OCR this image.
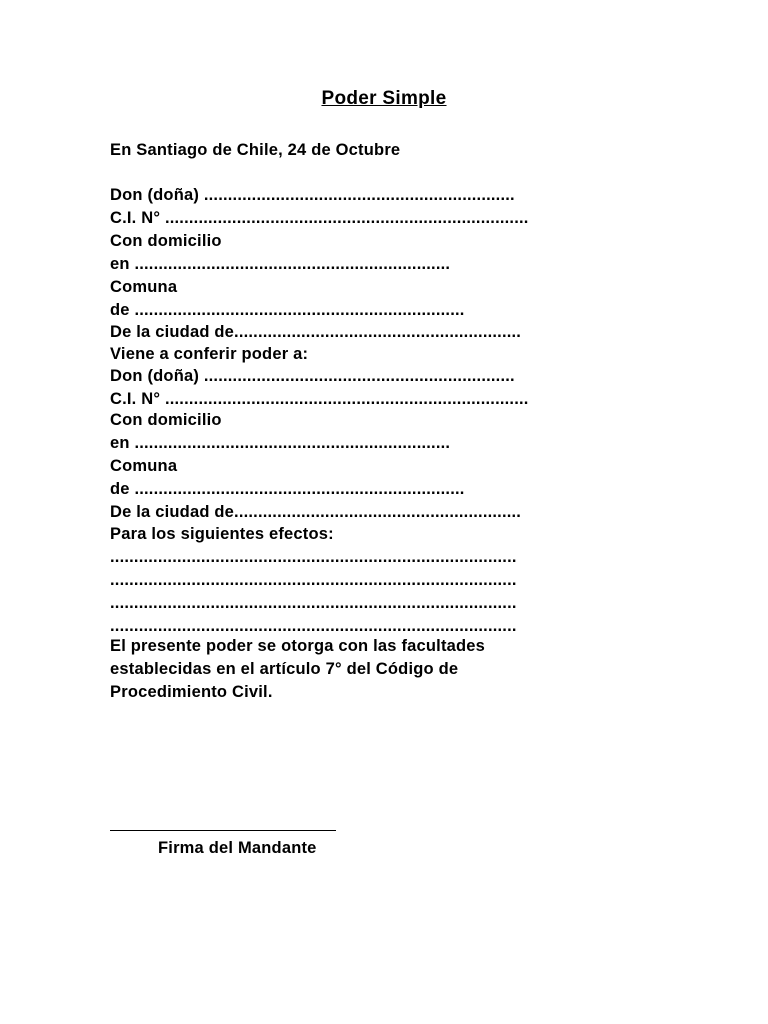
Poder Simple
En Santiago de Chile, 24 de Octubre
Don (doña) .................................................................
C.I. N° ............................................................................
Con domicilio
en ..................................................................
Comuna
de .....................................................................
De la ciudad de............................................................
Viene a conferir poder a:
Don (doña) .................................................................
C.I. N° ............................................................................
Con domicilio
en ..................................................................
Comuna
de .....................................................................
De la ciudad de............................................................
Para los siguientes efectos:
.....................................................................................
.....................................................................................
.....................................................................................
.....................................................................................
El presente poder se otorga con las facultades
establecidas en el artículo 7° del Código de
Procedimiento Civil.
Firma del Mandante
